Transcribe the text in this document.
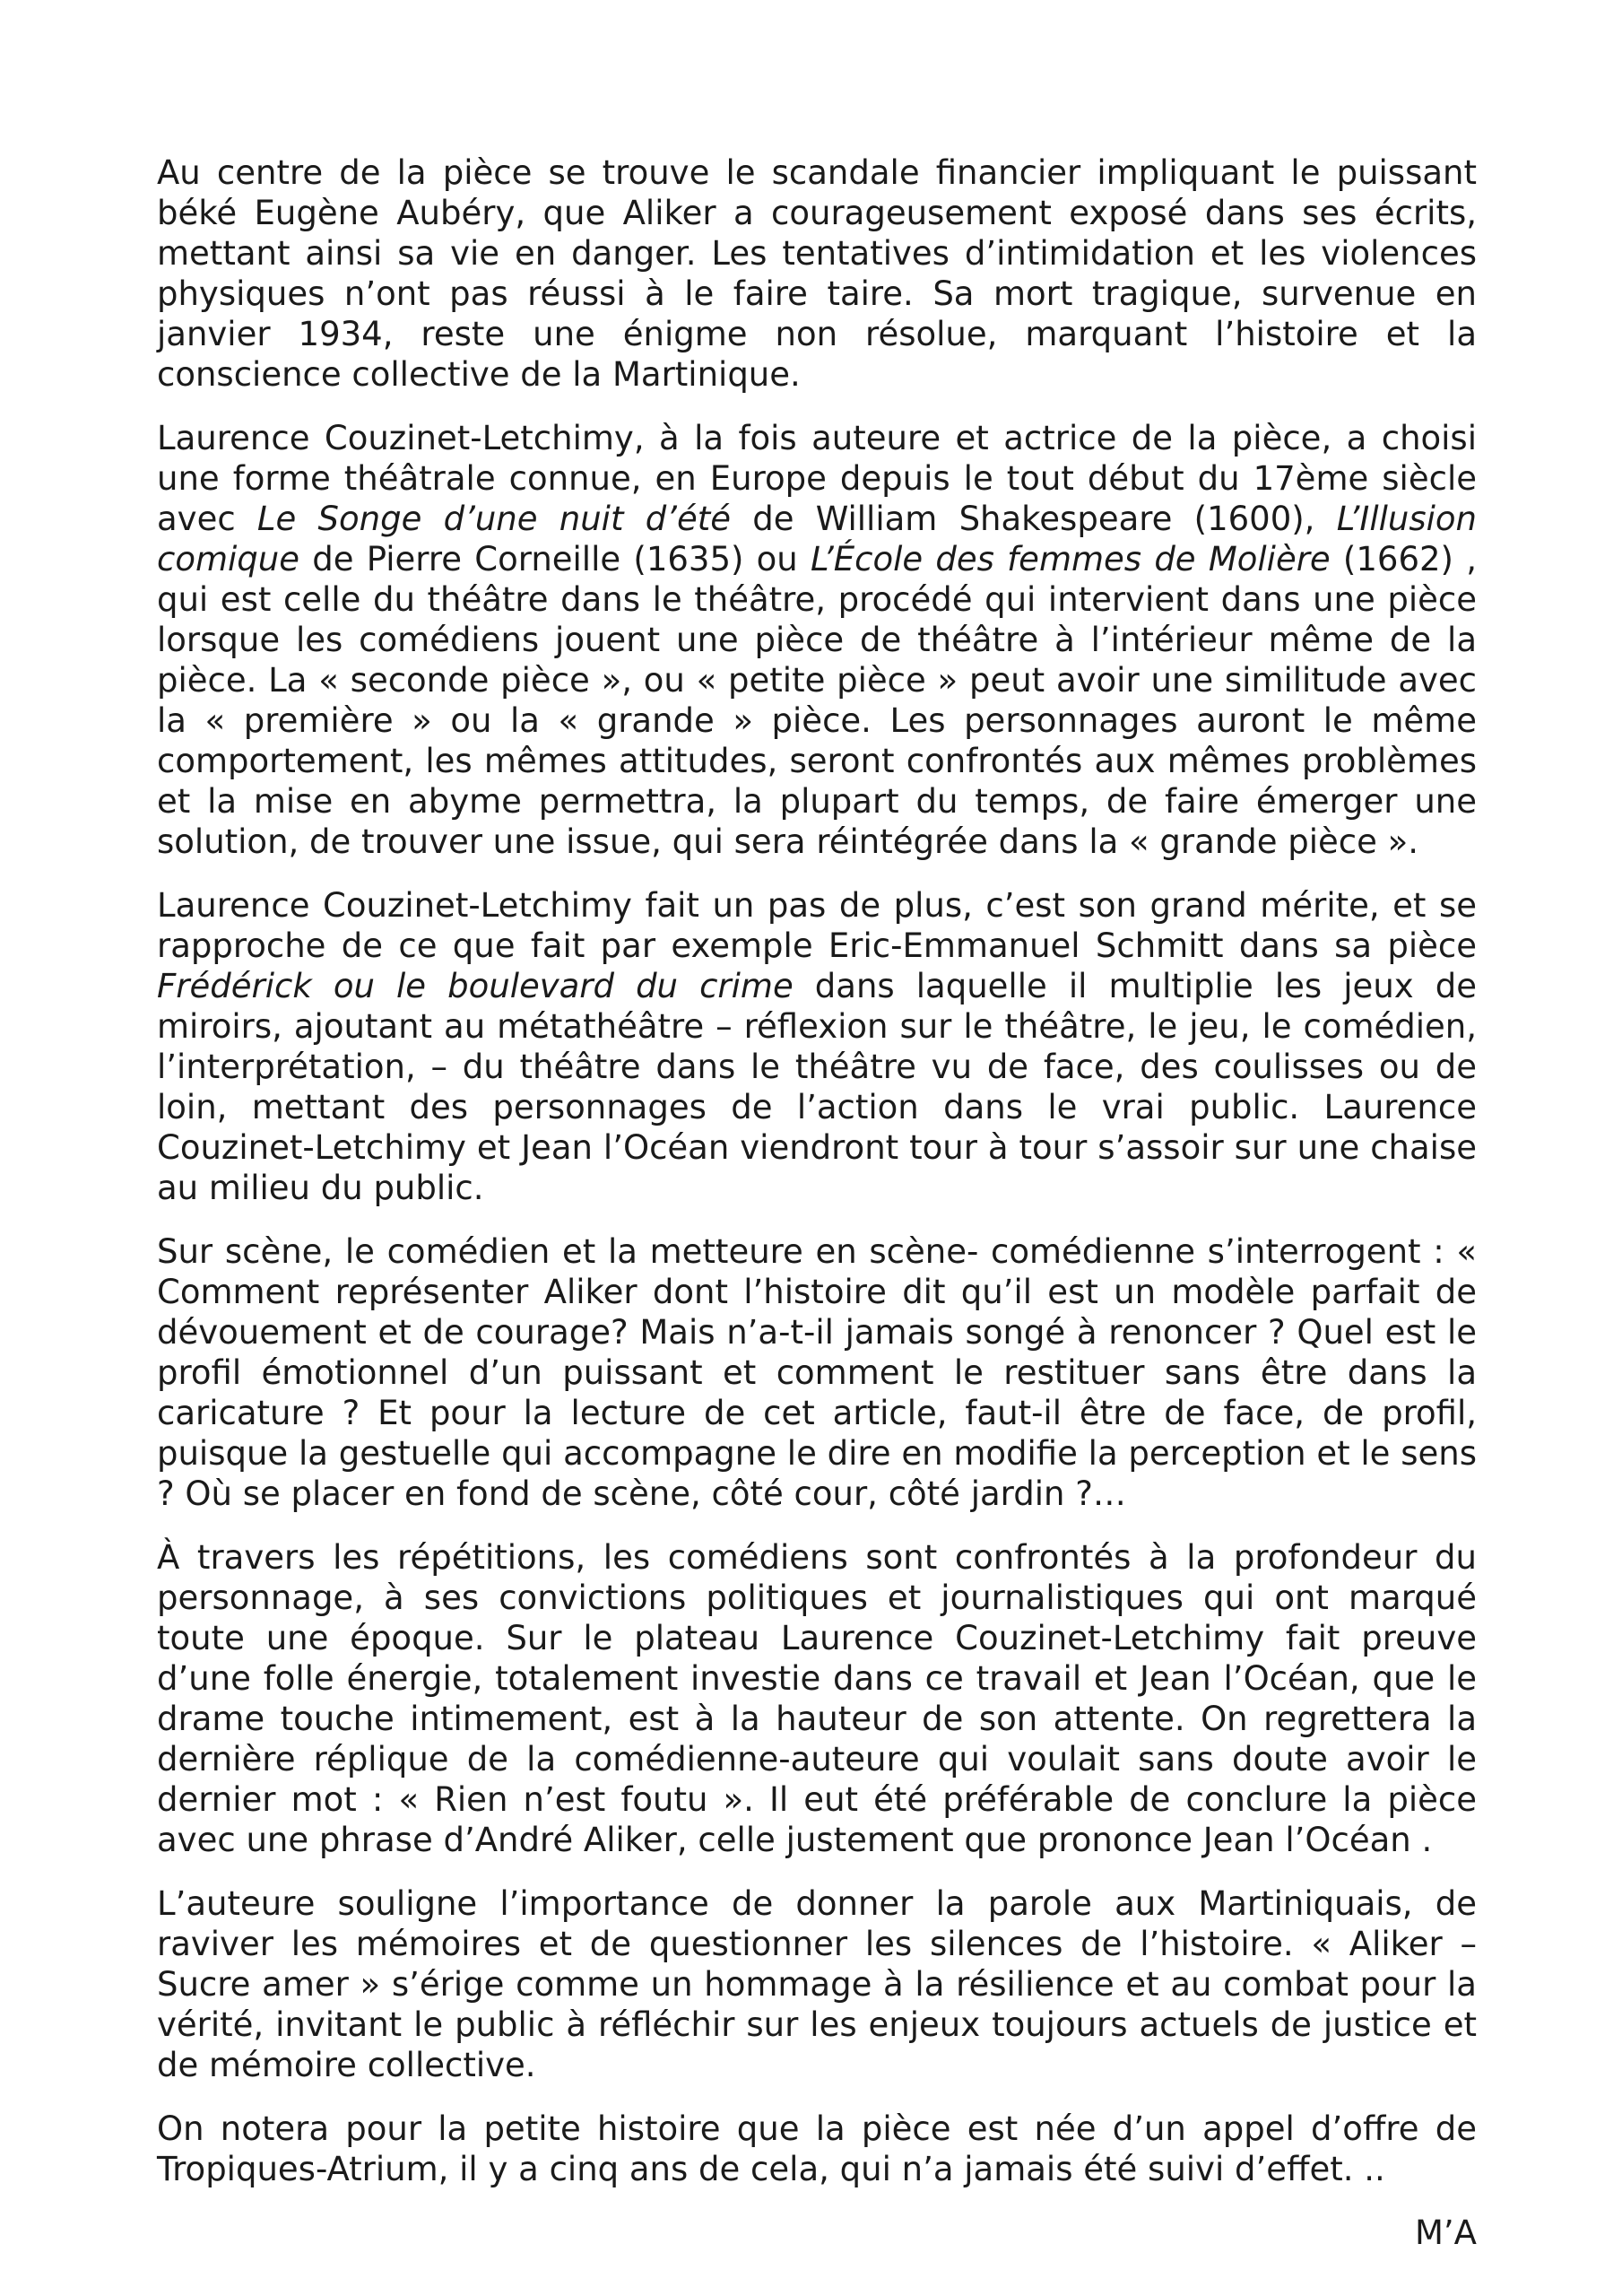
Au centre de la pièce se trouve le scandale financier impliquant le puissant béké Eugène Aubéry, que Aliker a courageusement exposé dans ses écrits, mettant ainsi sa vie en danger. Les tentatives d’intimidation et les violences physiques n’ont pas réussi à le faire taire. Sa mort tragique, survenue en janvier 1934, reste une énigme non résolue, marquant l’histoire et la conscience collective de la Martinique.

Laurence Couzinet-Letchimy, à la fois auteure et actrice de la pièce, a choisi une forme théâtrale connue, en Europe depuis le tout début du 17ème siècle avec Le Songe d’une nuit d’été de William Shakespeare (1600), L’Illusion comique de Pierre Corneille (1635) ou L’École des femmes de Molière (1662) , qui est celle du théâtre dans le théâtre, procédé qui intervient dans une pièce lorsque les comédiens jouent une pièce de théâtre à l’intérieur même de la pièce. La « seconde pièce », ou « petite pièce » peut avoir une similitude avec la « première » ou la « grande » pièce. Les personnages auront le même comportement, les mêmes attitudes, seront confrontés aux mêmes problèmes et la mise en abyme permettra, la plupart du temps, de faire émerger une solution, de trouver une issue, qui sera réintégrée dans la « grande pièce ».

Laurence Couzinet-Letchimy fait un pas de plus, c’est son grand mérite, et se rapproche de ce que fait par exemple Eric-Emmanuel Schmitt dans sa pièce Frédérick ou le boulevard du crime dans laquelle il multiplie les jeux de miroirs, ajoutant au métathéâtre – réflexion sur le théâtre, le jeu, le comédien, l’interprétation, – du théâtre dans le théâtre vu de face, des coulisses ou de loin, mettant des personnages de l’action dans le vrai public. Laurence Couzinet-Letchimy et Jean l’Océan viendront tour à tour s’assoir sur une chaise au milieu du public.

Sur scène, le comédien et la metteure en scène- comédienne s’interrogent : « Comment représenter Aliker dont l’histoire dit qu’il est un modèle parfait de dévouement et de courage? Mais n’a-t-il jamais songé à renoncer ? Quel est le profil émotionnel d’un puissant et comment le restituer sans être dans la caricature ? Et pour la lecture de cet article, faut-il être de face, de profil, puisque la gestuelle qui accompagne le dire en modifie la perception et le sens ? Où se placer en fond de scène, côté cour, côté jardin ?…

À travers les répétitions, les comédiens sont confrontés à la profondeur du personnage, à ses convictions politiques et journalistiques qui ont marqué toute une époque. Sur le plateau Laurence Couzinet-Letchimy fait preuve d’une folle énergie, totalement investie dans ce travail et Jean l’Océan, que le drame touche intimement, est à la hauteur de son attente. On regrettera la dernière réplique de la comédienne-auteure qui voulait sans doute avoir le dernier mot : « Rien n’est foutu ». Il eut été préférable de conclure la pièce avec une phrase d’André Aliker, celle justement que prononce Jean l’Océan .

L’auteure souligne l’importance de donner la parole aux Martiniquais, de raviver les mémoires et de questionner les silences de l’histoire. « Aliker – Sucre amer » s’érige comme un hommage à la résilience et au combat pour la vérité, invitant le public à réfléchir sur les enjeux toujours actuels de justice et de mémoire collective.

On notera pour la petite histoire que la pièce est née d’un appel d’offre de Tropiques-Atrium, il y a cinq ans de cela, qui n’a jamais été suivi d’effet. ..

M’A
